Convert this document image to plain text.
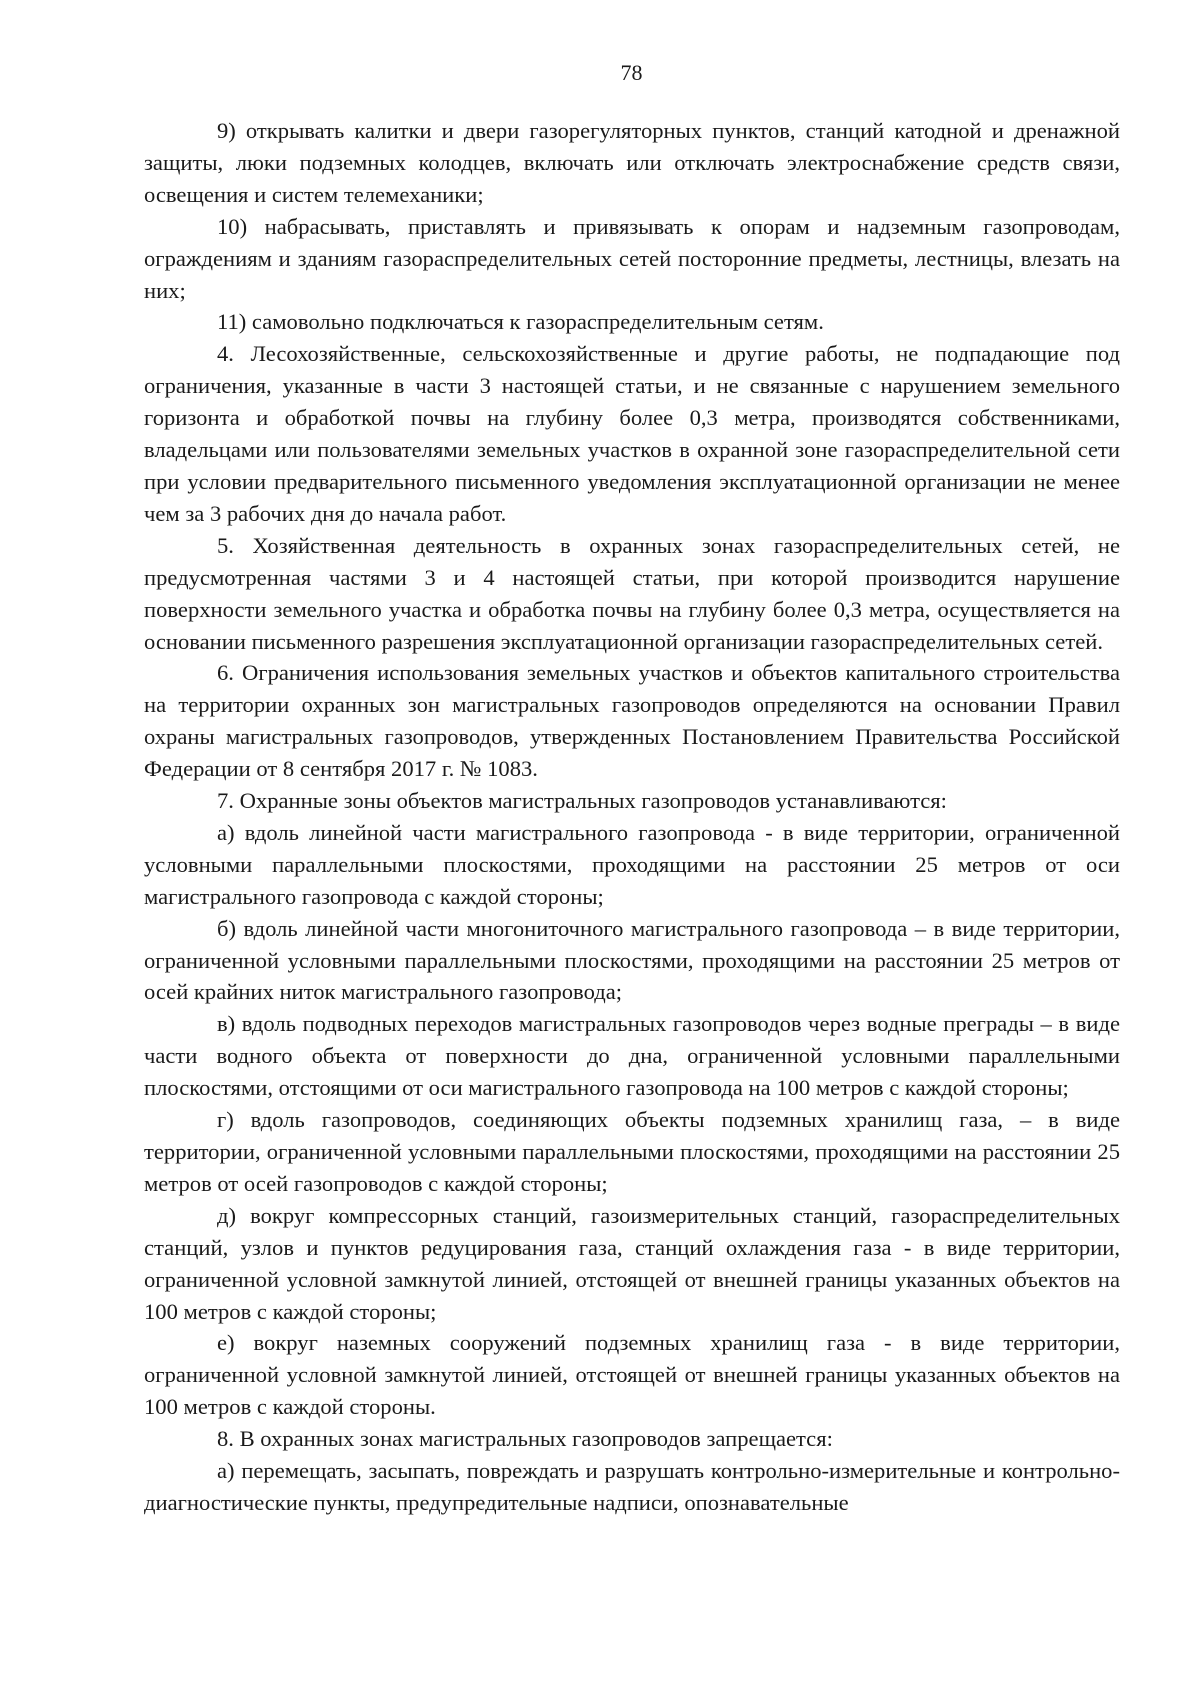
78

9) открывать калитки и двери газорегуляторных пунктов, станций катодной и дренажной защиты, люки подземных колодцев, включать или отключать электроснабжение средств связи, освещения и систем телемеханики;

10) набрасывать, приставлять и привязывать к опорам и надземным газопроводам, ограждениям и зданиям газораспределительных сетей посторонние предметы, лестницы, влезать на них;

11) самовольно подключаться к газораспределительным сетям.

4. Лесохозяйственные, сельскохозяйственные и другие работы, не подпадающие под ограничения, указанные в части 3 настоящей статьи, и не связанные с нарушением земельного горизонта и обработкой почвы на глубину более 0,3 метра, производятся собственниками, владельцами или пользователями земельных участков в охранной зоне газораспределительной сети при условии предварительного письменного уведомления эксплуатационной организации не менее чем за 3 рабочих дня до начала работ.

5. Хозяйственная деятельность в охранных зонах газораспределительных сетей, не предусмотренная частями 3 и 4 настоящей статьи, при которой производится нарушение поверхности земельного участка и обработка почвы на глубину более 0,3 метра, осуществляется на основании письменного разрешения эксплуатационной организации газораспределительных сетей.

6. Ограничения использования земельных участков и объектов капитального строительства на территории охранных зон магистральных газопроводов определяются на основании Правил охраны магистральных газопроводов, утвержденных Постановлением Правительства Российской Федерации от 8 сентября 2017 г. № 1083.

7. Охранные зоны объектов магистральных газопроводов устанавливаются:

а) вдоль линейной части магистрального газопровода - в виде территории, ограниченной условными параллельными плоскостями, проходящими на расстоянии 25 метров от оси магистрального газопровода с каждой стороны;

б) вдоль линейной части многониточного магистрального газопровода – в виде территории, ограниченной условными параллельными плоскостями, проходящими на расстоянии 25 метров от осей крайних ниток магистрального газопровода;

в) вдоль подводных переходов магистральных газопроводов через водные преграды – в виде части водного объекта от поверхности до дна, ограниченной условными параллельными плоскостями, отстоящими от оси магистрального газопровода на 100 метров с каждой стороны;

г) вдоль газопроводов, соединяющих объекты подземных хранилищ газа, – в виде территории, ограниченной условными параллельными плоскостями, проходящими на расстоянии 25 метров от осей газопроводов с каждой стороны;

д) вокруг компрессорных станций, газоизмерительных станций, газораспределительных станций, узлов и пунктов редуцирования газа, станций охлаждения газа - в виде территории, ограниченной условной замкнутой линией, отстоящей от внешней границы указанных объектов на 100 метров с каждой стороны;

е) вокруг наземных сооружений подземных хранилищ газа - в виде территории, ограниченной условной замкнутой линией, отстоящей от внешней границы указанных объектов на 100 метров с каждой стороны.

8. В охранных зонах магистральных газопроводов запрещается:

а) перемещать, засыпать, повреждать и разрушать контрольно-измерительные и контрольно-диагностические пункты, предупредительные надписи, опознавательные
